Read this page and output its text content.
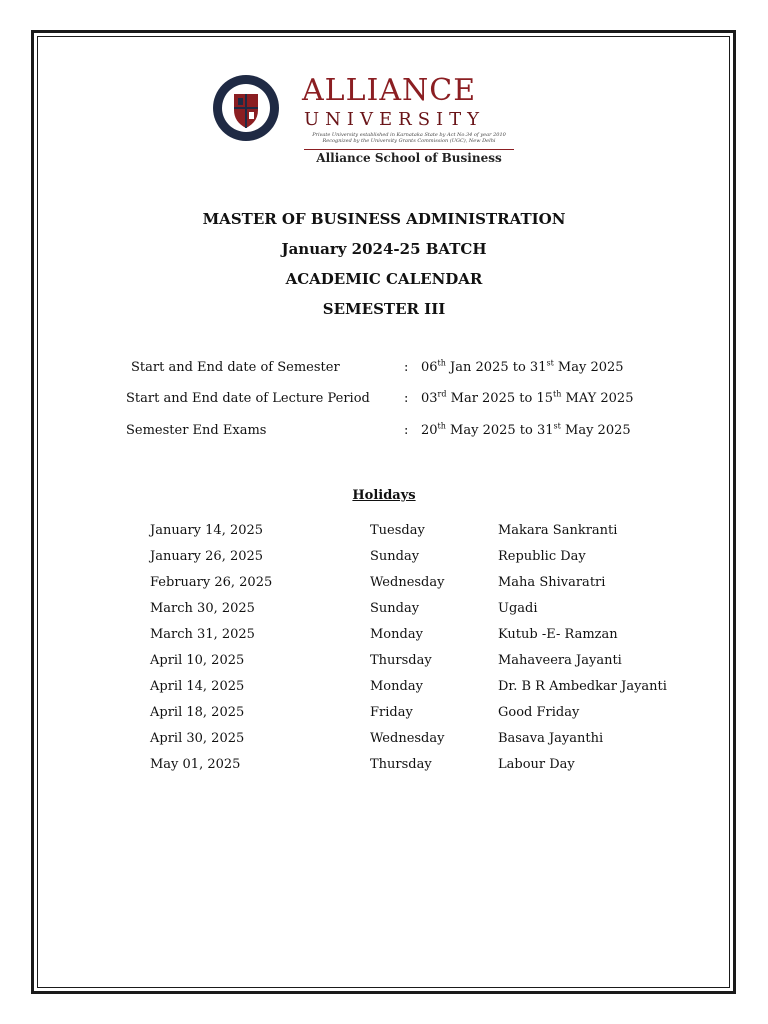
ALLIANCE
UNIVERSITY
Private University established in Karnataka State by Act No.34 of year 2010
Recognized by the University Grants Commission (UGC), New Delhi
Alliance School of Business
MASTER OF BUSINESS ADMINISTRATION
January 2024-25 BATCH
ACADEMIC CALENDAR
SEMESTER III
Start and End date of Semester	: 06th Jan 2025 to 31st May 2025
Start and End date of Lecture Period	: 03rd Mar 2025 to 15th MAY 2025
Semester End Exams	: 20th May 2025 to 31st May 2025
Holidays
January 14, 2025	Tuesday	Makara Sankranti
January 26, 2025	Sunday	Republic Day
February 26, 2025	Wednesday	Maha Shivaratri
March 30, 2025	Sunday	Ugadi
March 31, 2025	Monday	Kutub -E- Ramzan
April 10, 2025	Thursday	Mahaveera Jayanti
April 14, 2025	Monday	Dr. B R Ambedkar Jayanti
April 18, 2025	Friday	Good Friday
April 30, 2025	Wednesday	Basava Jayanthi
May 01, 2025	Thursday	Labour Day
